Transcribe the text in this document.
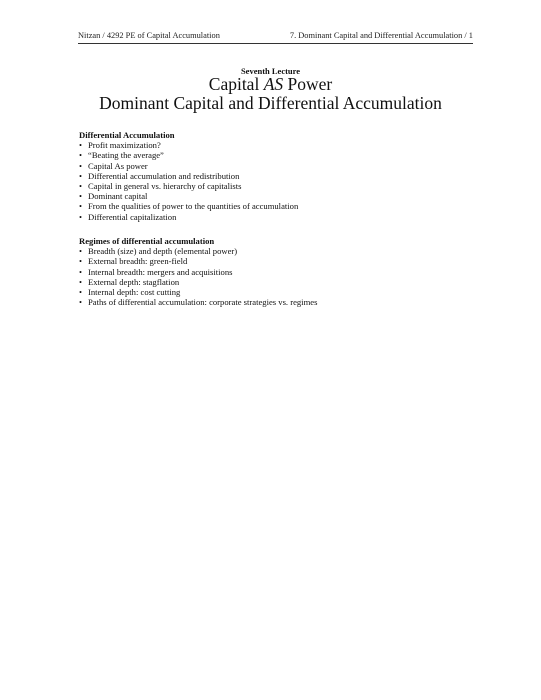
Nitzan / 4292 PE of Capital Accumulation	7. Dominant Capital and Differential Accumulation / 1
Seventh Lecture
Capital AS Power
Dominant Capital and Differential Accumulation
Differential Accumulation
• Profit maximization?
• “Beating the average”
• Capital As power
• Differential accumulation and redistribution
• Capital in general vs. hierarchy of capitalists
• Dominant capital
• From the qualities of power to the quantities of accumulation
• Differential capitalization
Regimes of differential accumulation
• Breadth (size) and depth (elemental power)
• External breadth: green-field
• Internal breadth: mergers and acquisitions
• External depth: stagflation
• Internal depth: cost cutting
• Paths of differential accumulation: corporate strategies vs. regimes
